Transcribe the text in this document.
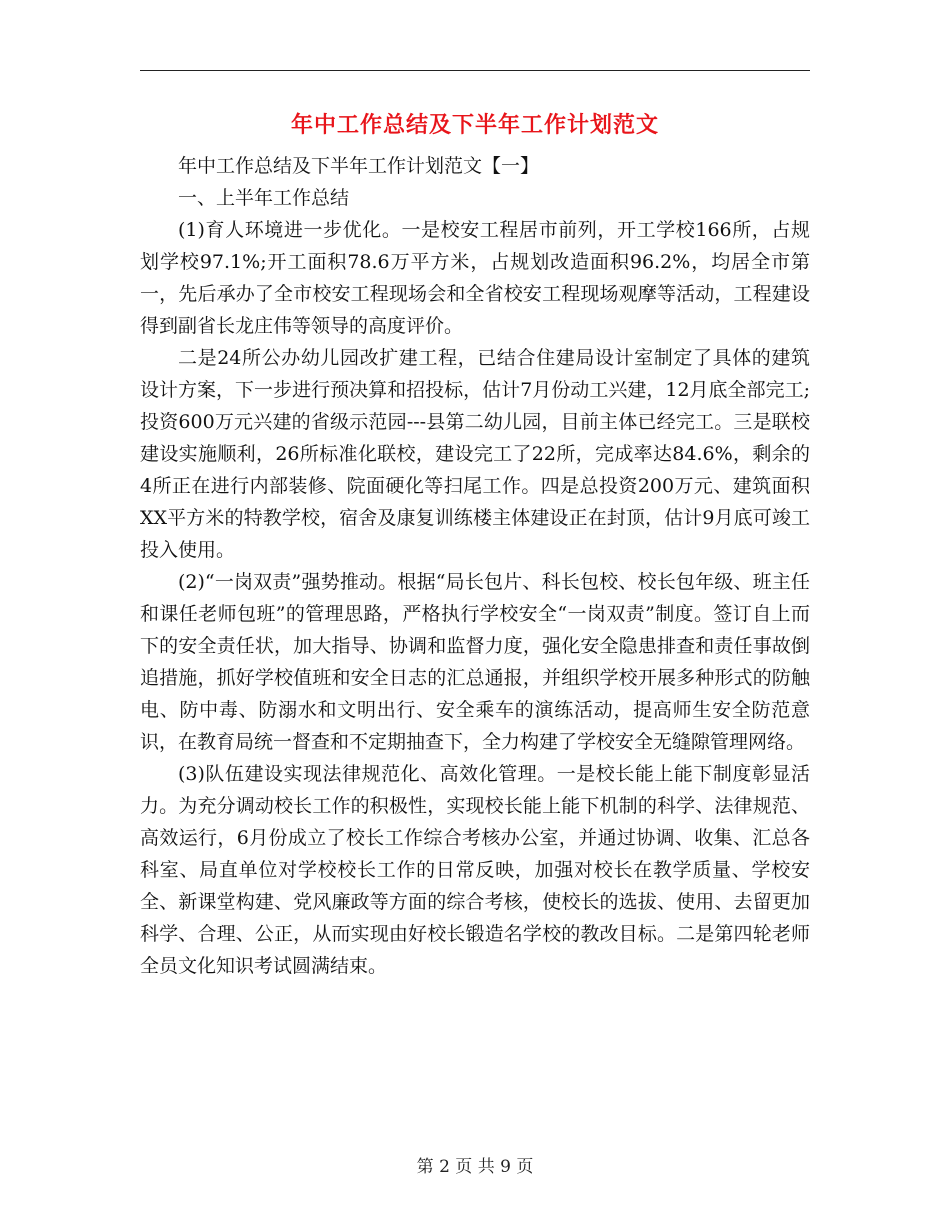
年中工作总结及下半年工作计划范文

年中工作总结及下半年工作计划范文【一】

一、上半年工作总结

(1)育人环境进一步优化。一是校安工程居市前列，开工学校166所，占规划学校97.1%;开工面积78.6万平方米，占规划改造面积96.2%，均居全市第一，先后承办了全市校安工程现场会和全省校安工程现场观摩等活动，工程建设得到副省长龙庄伟等领导的高度评价。

二是24所公办幼儿园改扩建工程，已结合住建局设计室制定了具体的建筑设计方案，下一步进行预决算和招投标，估计7月份动工兴建，12月底全部完工;投资600万元兴建的省级示范园---县第二幼儿园，目前主体已经完工。三是联校建设实施顺利，26所标准化联校，建设完工了22所，完成率达84.6%，剩余的4所正在进行内部装修、院面硬化等扫尾工作。四是总投资200万元、建筑面积XX平方米的特教学校，宿舍及康复训练楼主体建设正在封顶，估计9月底可竣工投入使用。

(2)“一岗双责”强势推动。根据“局长包片、科长包校、校长包年级、班主任和课任老师包班”的管理思路，严格执行学校安全“一岗双责”制度。签订自上而下的安全责任状，加大指导、协调和监督力度，强化安全隐患排查和责任事故倒追措施，抓好学校值班和安全日志的汇总通报，并组织学校开展多种形式的防触电、防中毒、防溺水和文明出行、安全乘车的演练活动，提高师生安全防范意识，在教育局统一督查和不定期抽查下，全力构建了学校安全无缝隙管理网络。

(3)队伍建设实现法律规范化、高效化管理。一是校长能上能下制度彰显活力。为充分调动校长工作的积极性，实现校长能上能下机制的科学、法律规范、高效运行，6月份成立了校长工作综合考核办公室，并通过协调、收集、汇总各科室、局直单位对学校校长工作的日常反映，加强对校长在教学质量、学校安全、新课堂构建、党风廉政等方面的综合考核，使校长的选拔、使用、去留更加科学、合理、公正，从而实现由好校长锻造名学校的教改目标。二是第四轮老师全员文化知识考试圆满结束。

第 2 页 共 9 页
